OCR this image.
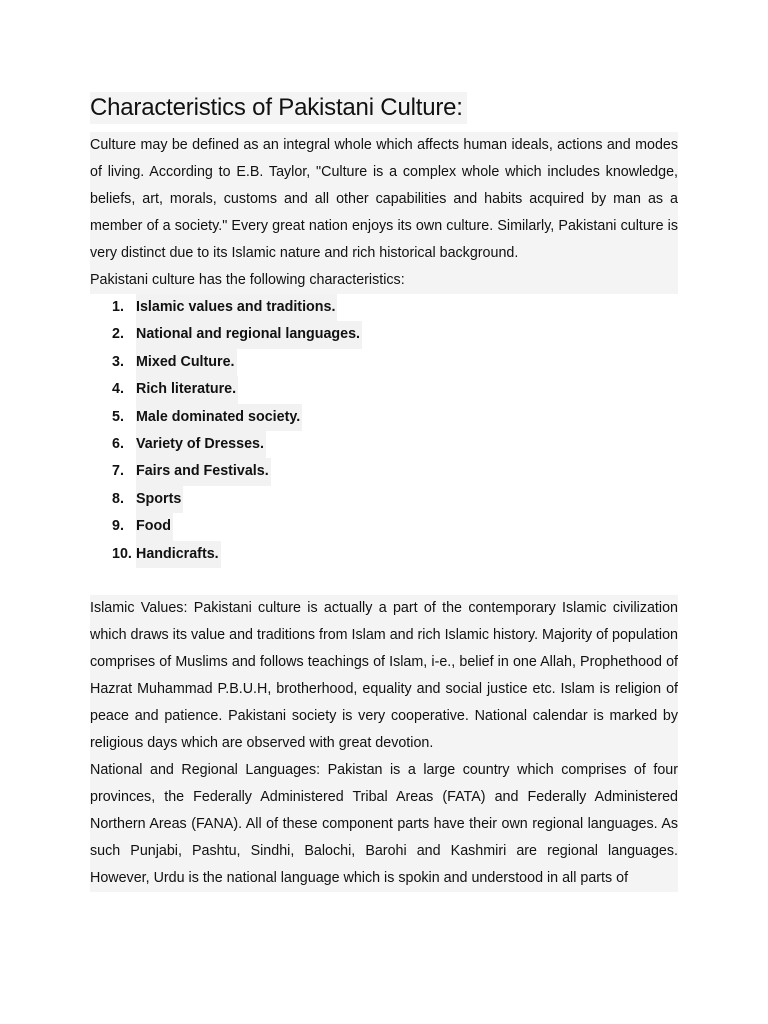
Characteristics of Pakistani Culture:

Culture may be defined as an integral whole which affects human ideals, actions and modes of living. According to E.B. Taylor, "Culture is a complex whole which includes knowledge, beliefs, art, morals, customs and all other capabilities and habits acquired by man as a member of a society." Every great nation enjoys its own culture. Similarly, Pakistani culture is very distinct due to its Islamic nature and rich historical background.
Pakistani culture has the following characteristics:

1. Islamic values and traditions.
2. National and regional languages.
3. Mixed Culture.
4. Rich literature.
5. Male dominated society.
6. Variety of Dresses.
7. Fairs and Festivals.
8. Sports
9. Food
10. Handicrafts.

Islamic Values: Pakistani culture is actually a part of the contemporary Islamic civilization which draws its value and traditions from Islam and rich Islamic history. Majority of population comprises of Muslims and follows teachings of Islam, i-e., belief in one Allah, Prophethood of Hazrat Muhammad P.B.U.H, brotherhood, equality and social justice etc. Islam is religion of peace and patience. Pakistani society is very cooperative. National calendar is marked by religious days which are observed with great devotion.

National and Regional Languages: Pakistan is a large country which comprises of four provinces, the Federally Administered Tribal Areas (FATA) and Federally Administered Northern Areas (FANA). All of these component parts have their own regional languages. As such Punjabi, Pashtu, Sindhi, Balochi, Barohi and Kashmiri are regional languages. However, Urdu is the national language which is spokin and understood in all parts of
